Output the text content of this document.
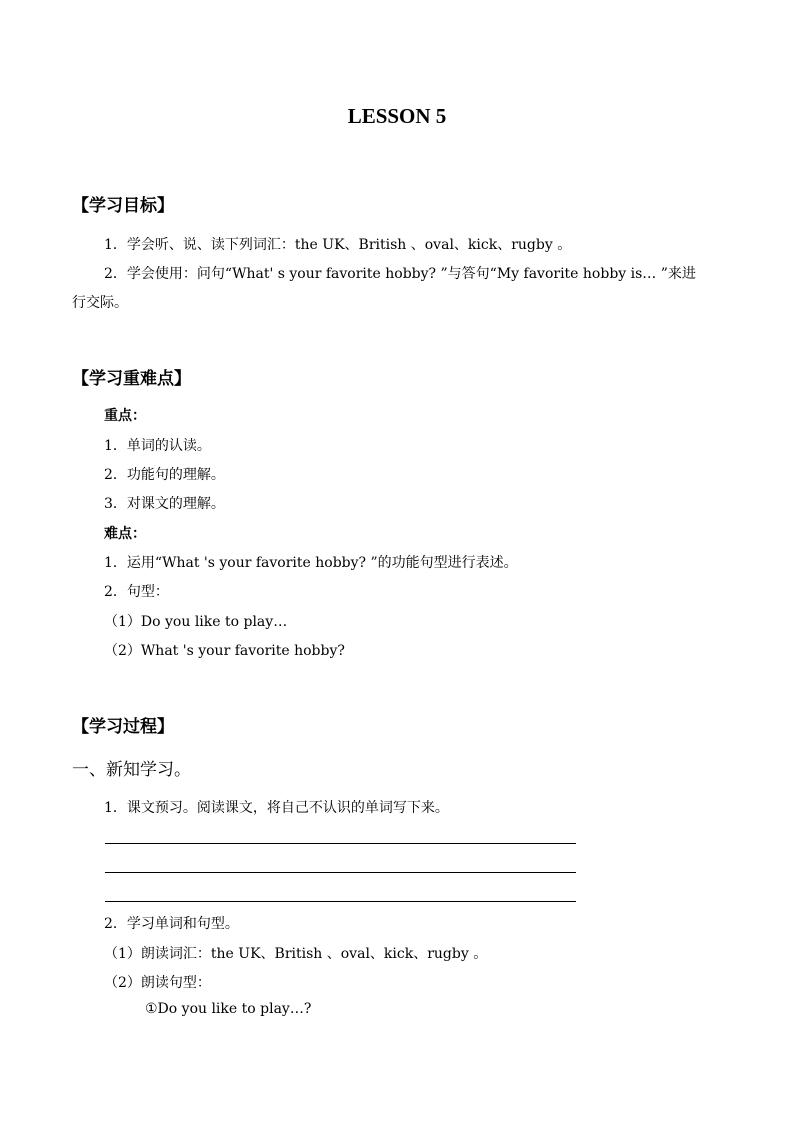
LESSON 5
【学习目标】
1．学会听、说、读下列词汇：the UK、British 、oval、kick、rugby 。
2．学会使用：问句“What' s your favorite hobby? ”与答句“My favorite hobby is… ”来进
行交际。
【学习重难点】
重点：
1．单词的认读。
2．功能句的理解。
3．对课文的理解。
难点：
1．运用“What 's your favorite hobby? ”的功能句型进行表述。
2．句型：
（1）Do you like to play…
（2）What 's your favorite hobby?
【学习过程】
一、新知学习。
1．课文预习。阅读课文，将自己不认识的单词写下来。
2．学习单词和句型。
（1）朗读词汇：the UK、British 、oval、kick、rugby 。
（2）朗读句型：
①Do you like to play…?
